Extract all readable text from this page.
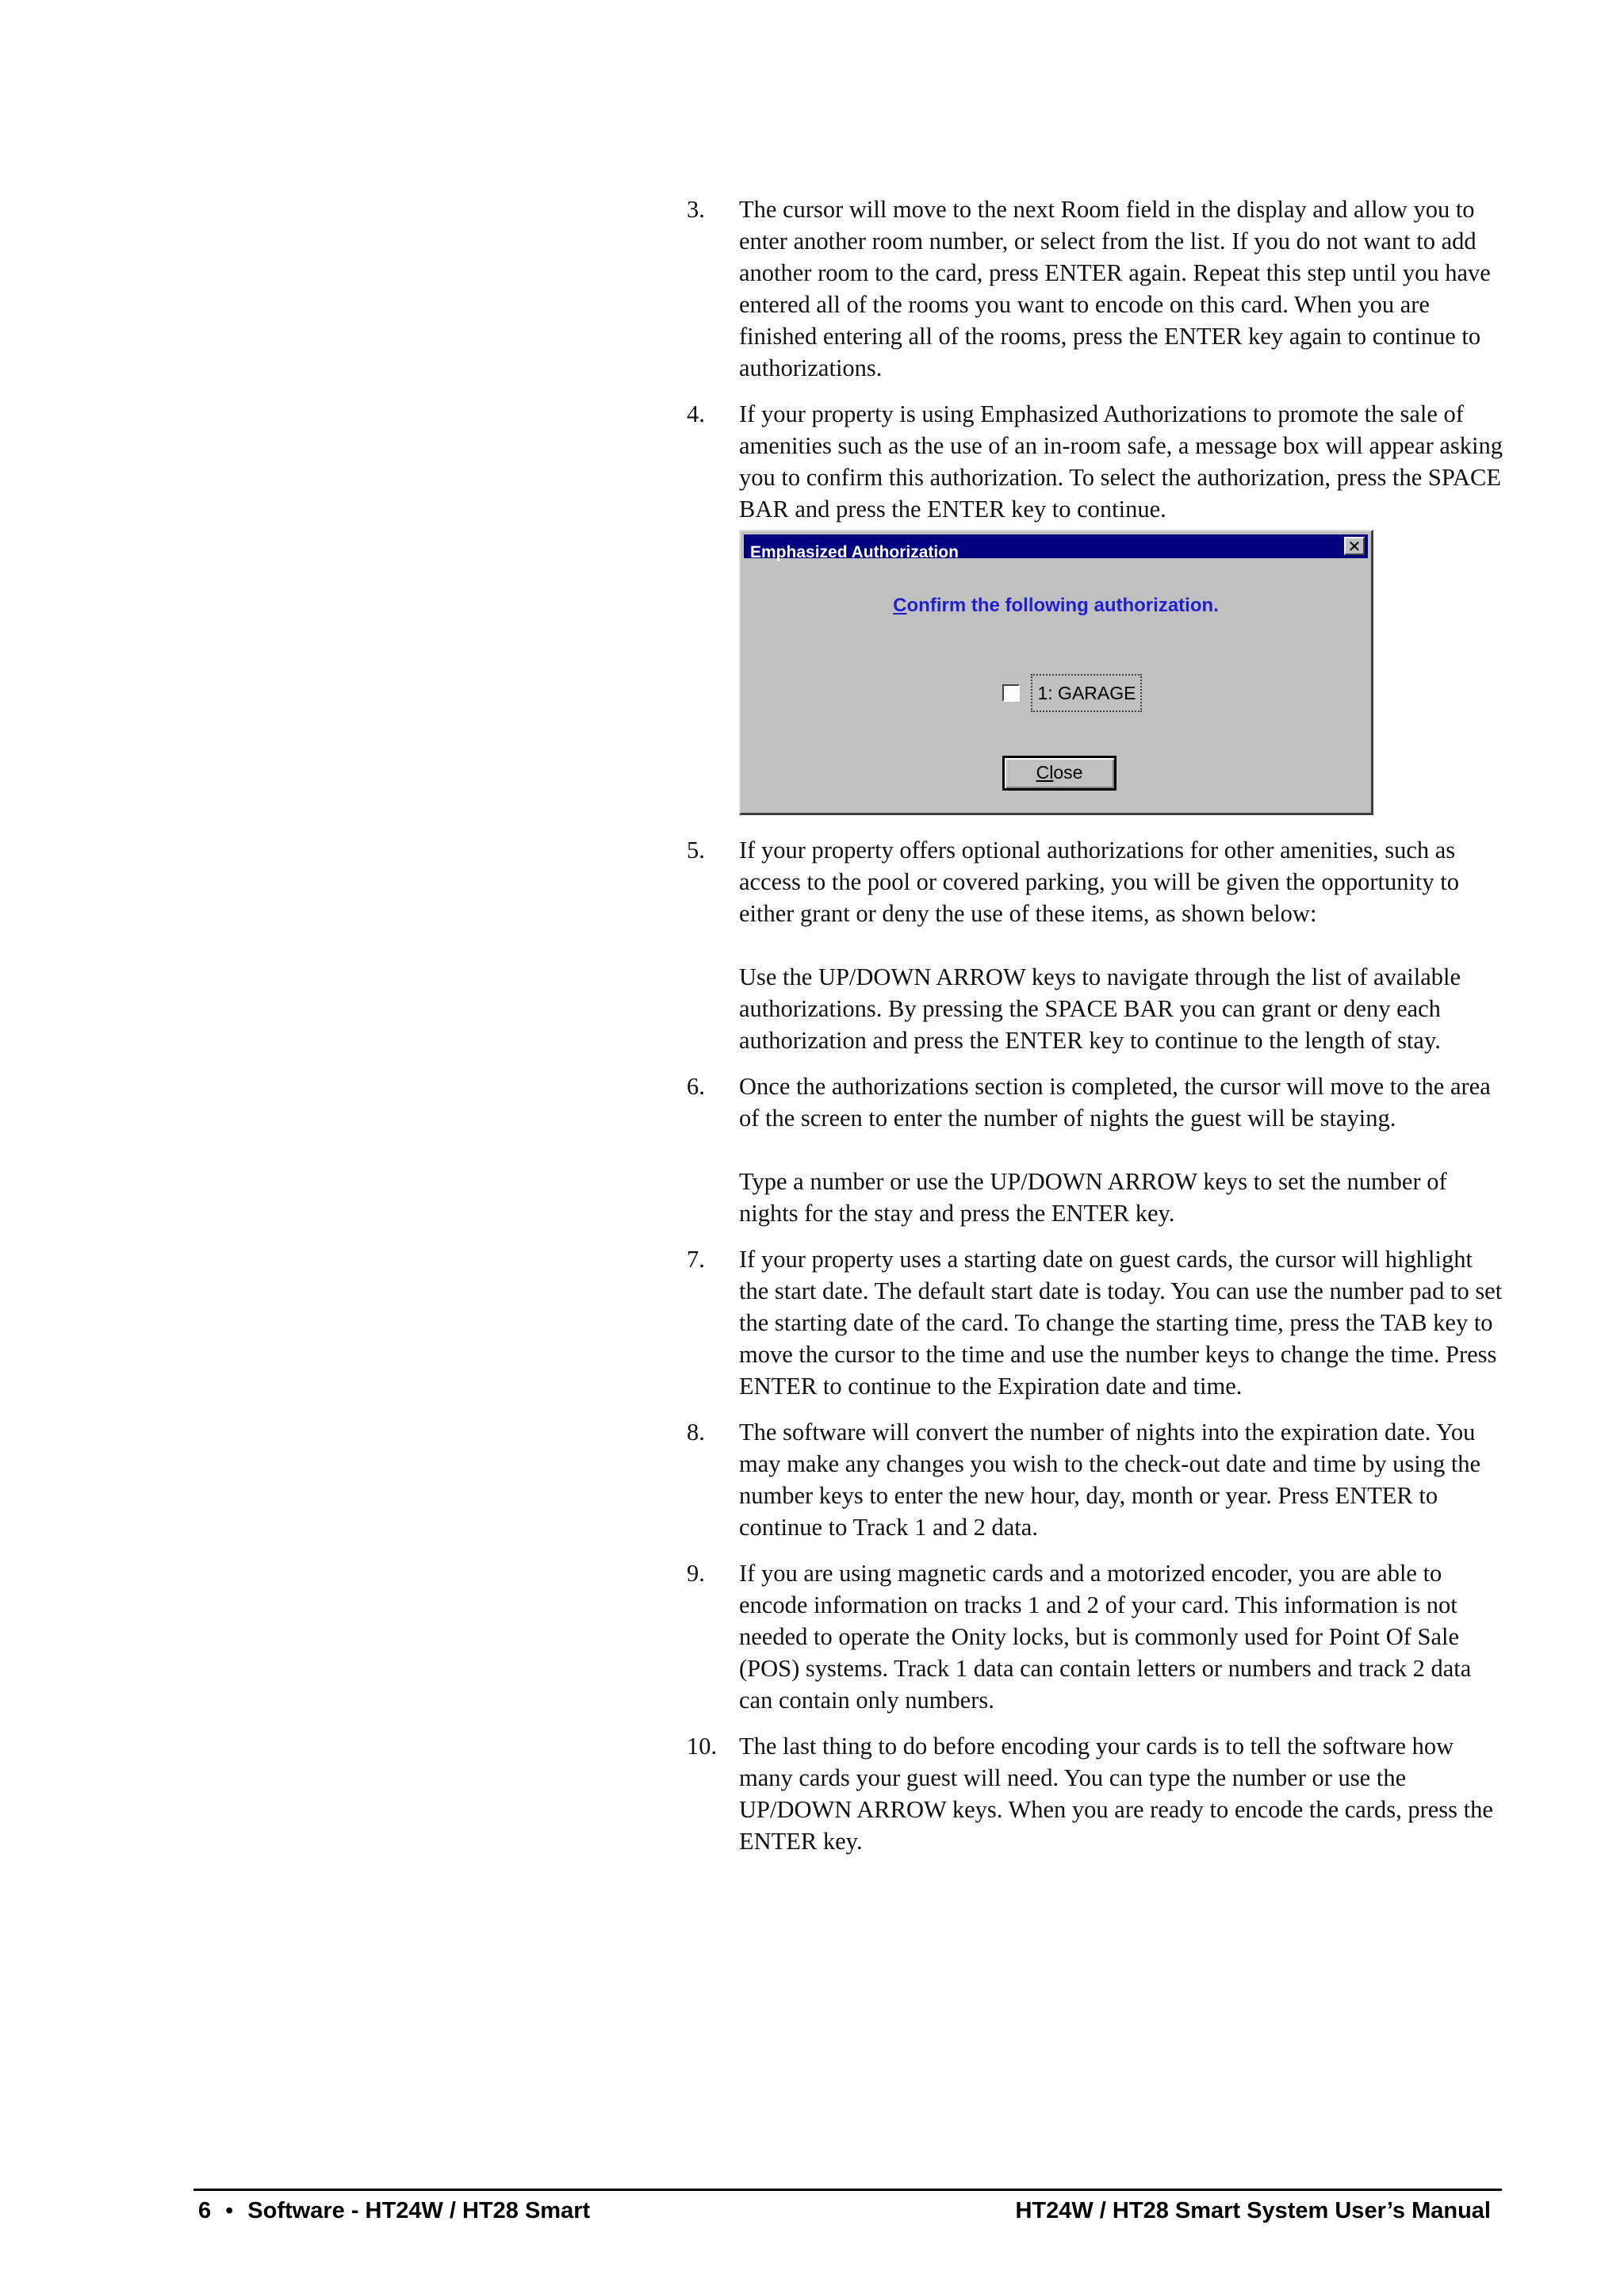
3. The cursor will move to the next Room field in the display and allow you to enter another room number, or select from the list. If you do not want to add another room to the card, press ENTER again. Repeat this step until you have entered all of the rooms you want to encode on this card. When you are finished entering all of the rooms, press the ENTER key again to continue to authorizations.

4. If your property is using Emphasized Authorizations to promote the sale of amenities such as the use of an in-room safe, a message box will appear asking you to confirm this authorization. To select the authorization, press the SPACE BAR and press the ENTER key to continue.

Emphasized Authorization	✕
Confirm the following authorization.
1: GARAGE
Close
5. If your property offers optional authorizations for other amenities, such as access to the pool or covered parking, you will be given the opportunity to either grant or deny the use of these items, as shown below:

Use the UP/DOWN ARROW keys to navigate through the list of available authorizations. By pressing the SPACE BAR you can grant or deny each authorization and press the ENTER key to continue to the length of stay.

6. Once the authorizations section is completed, the cursor will move to the area of the screen to enter the number of nights the guest will be staying.

Type a number or use the UP/DOWN ARROW keys to set the number of nights for the stay and press the ENTER key.

7. If your property uses a starting date on guest cards, the cursor will highlight the start date. The default start date is today. You can use the number pad to set the starting date of the card. To change the starting time, press the TAB key to move the cursor to the time and use the number keys to change the time. Press ENTER to continue to the Expiration date and time.

8. The software will convert the number of nights into the expiration date. You may make any changes you wish to the check-out date and time by using the number keys to enter the new hour, day, month or year. Press ENTER to continue to Track 1 and 2 data.

9. If you are using magnetic cards and a motorized encoder, you are able to encode information on tracks 1 and 2 of your card. This information is not needed to operate the Onity locks, but is commonly used for Point Of Sale (POS) systems. Track 1 data can contain letters or numbers and track 2 data can contain only numbers.

10. The last thing to do before encoding your cards is to tell the software how many cards your guest will need. You can type the number or use the UP/DOWN ARROW keys. When you are ready to encode the cards, press the ENTER key.

6 • Software - HT24W / HT28 Smart	HT24W / HT28 Smart System User’s Manual
